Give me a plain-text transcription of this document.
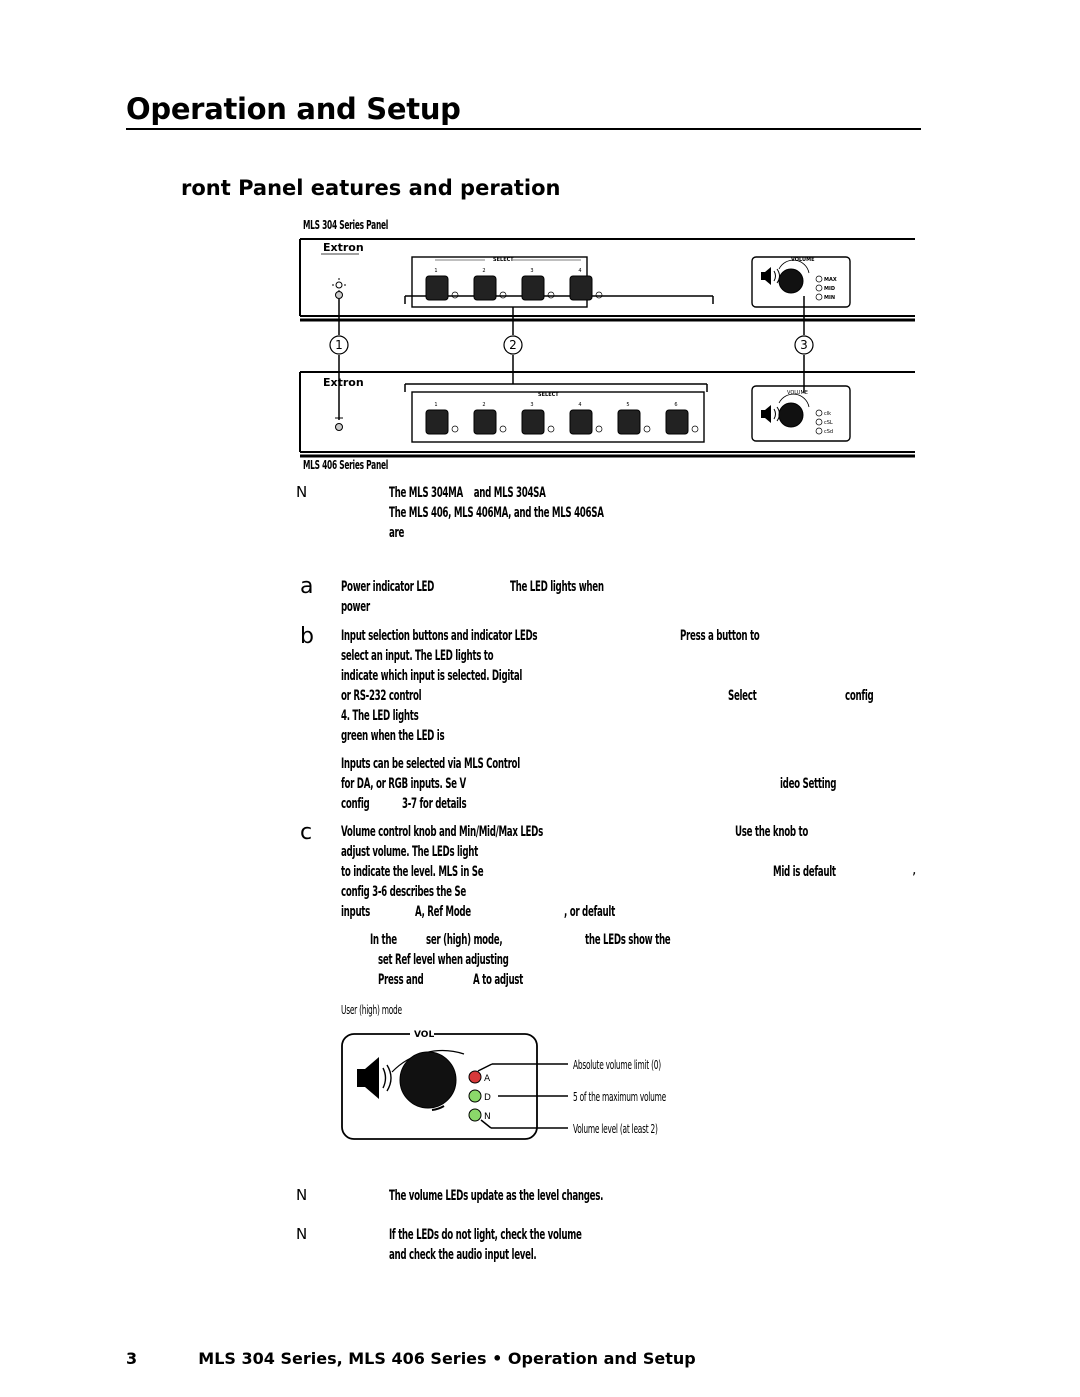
Operation and Setup
ront Panel eatures and peration
MLS 304 Series Panel
Extron
SELECT
1	2	3	4
VOLUME
MAX
MID
MIN
1	2	3
Extron
SELECT
1	2	3	4	5	6
VOLUME
clk
cSL
cSd
MLS 406 Series Panel
N	The MLS 304MA and MLS 304SA
The MLS 406, MLS 406MA, and the MLS 406SA
are
a Power indicator LED	The LED lights when
power
b Input selection buttons and indicator LEDs	Press a button to
select an input. The LED lights to
indicate which input is selected. Digital
or RS-232 control	Select	config
4. The LED lights
green when the LED is
Inputs can be selected via MLS Control
for DA, or RGB inputs. Se V	ideo Setting
config 3-7 for details
c Volume control knob and Min/Mid/Max LEDs	Use the knob to
adjust volume. The LEDs light
to indicate the level. MLS in Se	Mid is default	,
config 3-6 describes the Se
inputs	A, Ref Mode	, or default
In the ser (high) mode,	the LEDs show the
set Ref level when adjusting
Press and	A to adjust
User (high) mode
VOL
A
D
N
Absolute volume limit (0)
5 of the maximum volume
Volume level (at least 2)
N	The volume LEDs update as the level changes.
N	If the LEDs do not light, check the volume
and check the audio input level.
3	MLS 304 Series, MLS 406 Series • Operation and Setup
